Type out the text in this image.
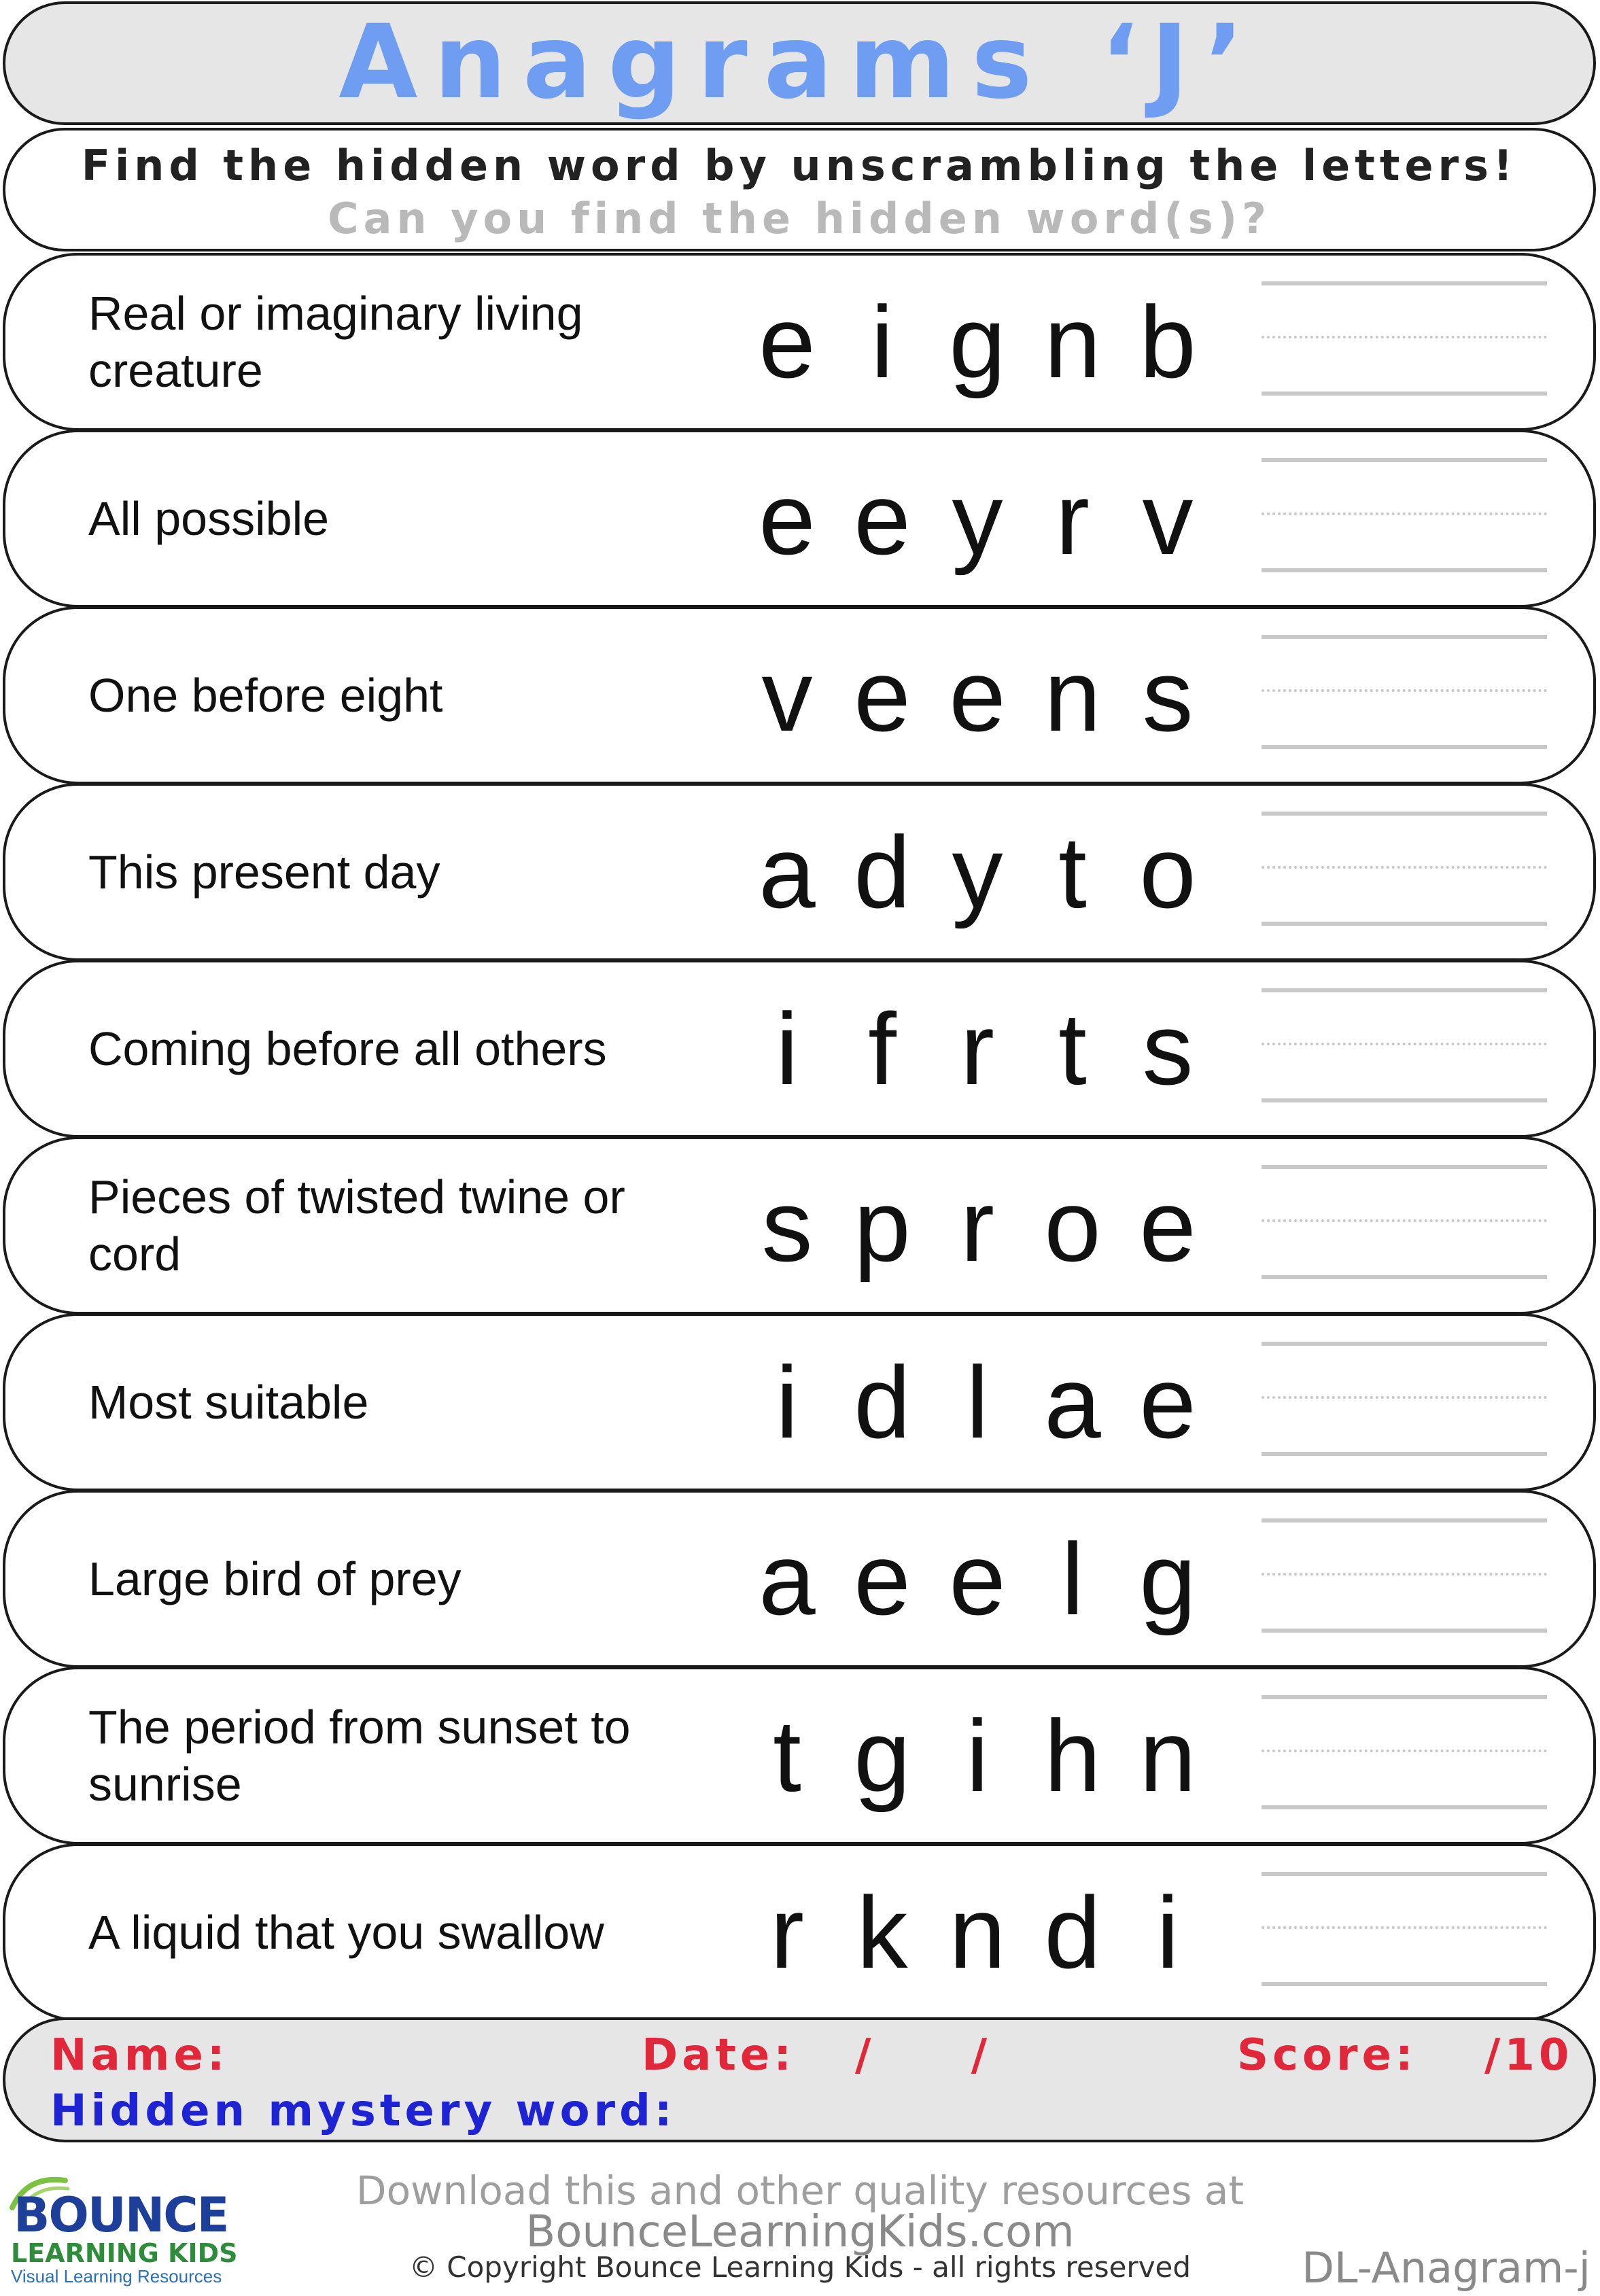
Anagrams ‘J’
Find the hidden word by unscrambling the letters!
Can you find the hidden word(s)?
Real or imaginary living creature	e i g n b
All possible	e e y r v
One before eight	v e e n s
This present day	a d y t o
Coming before all others	i f r t s
Pieces of twisted twine or cord	s p r o e
Most suitable	i d l a e
Large bird of prey	a e e l g
The period from sunset to sunrise	t g i h n
A liquid that you swallow	r k n d i
Name:	Date: /     /	Score: /10
Hidden mystery word:
BOUNCE
LEARNING KIDS
Visual Learning Resources
Download this and other quality resources at
BounceLearningKids.com
© Copyright Bounce Learning Kids - all rights reserved	DL-Anagram-j
